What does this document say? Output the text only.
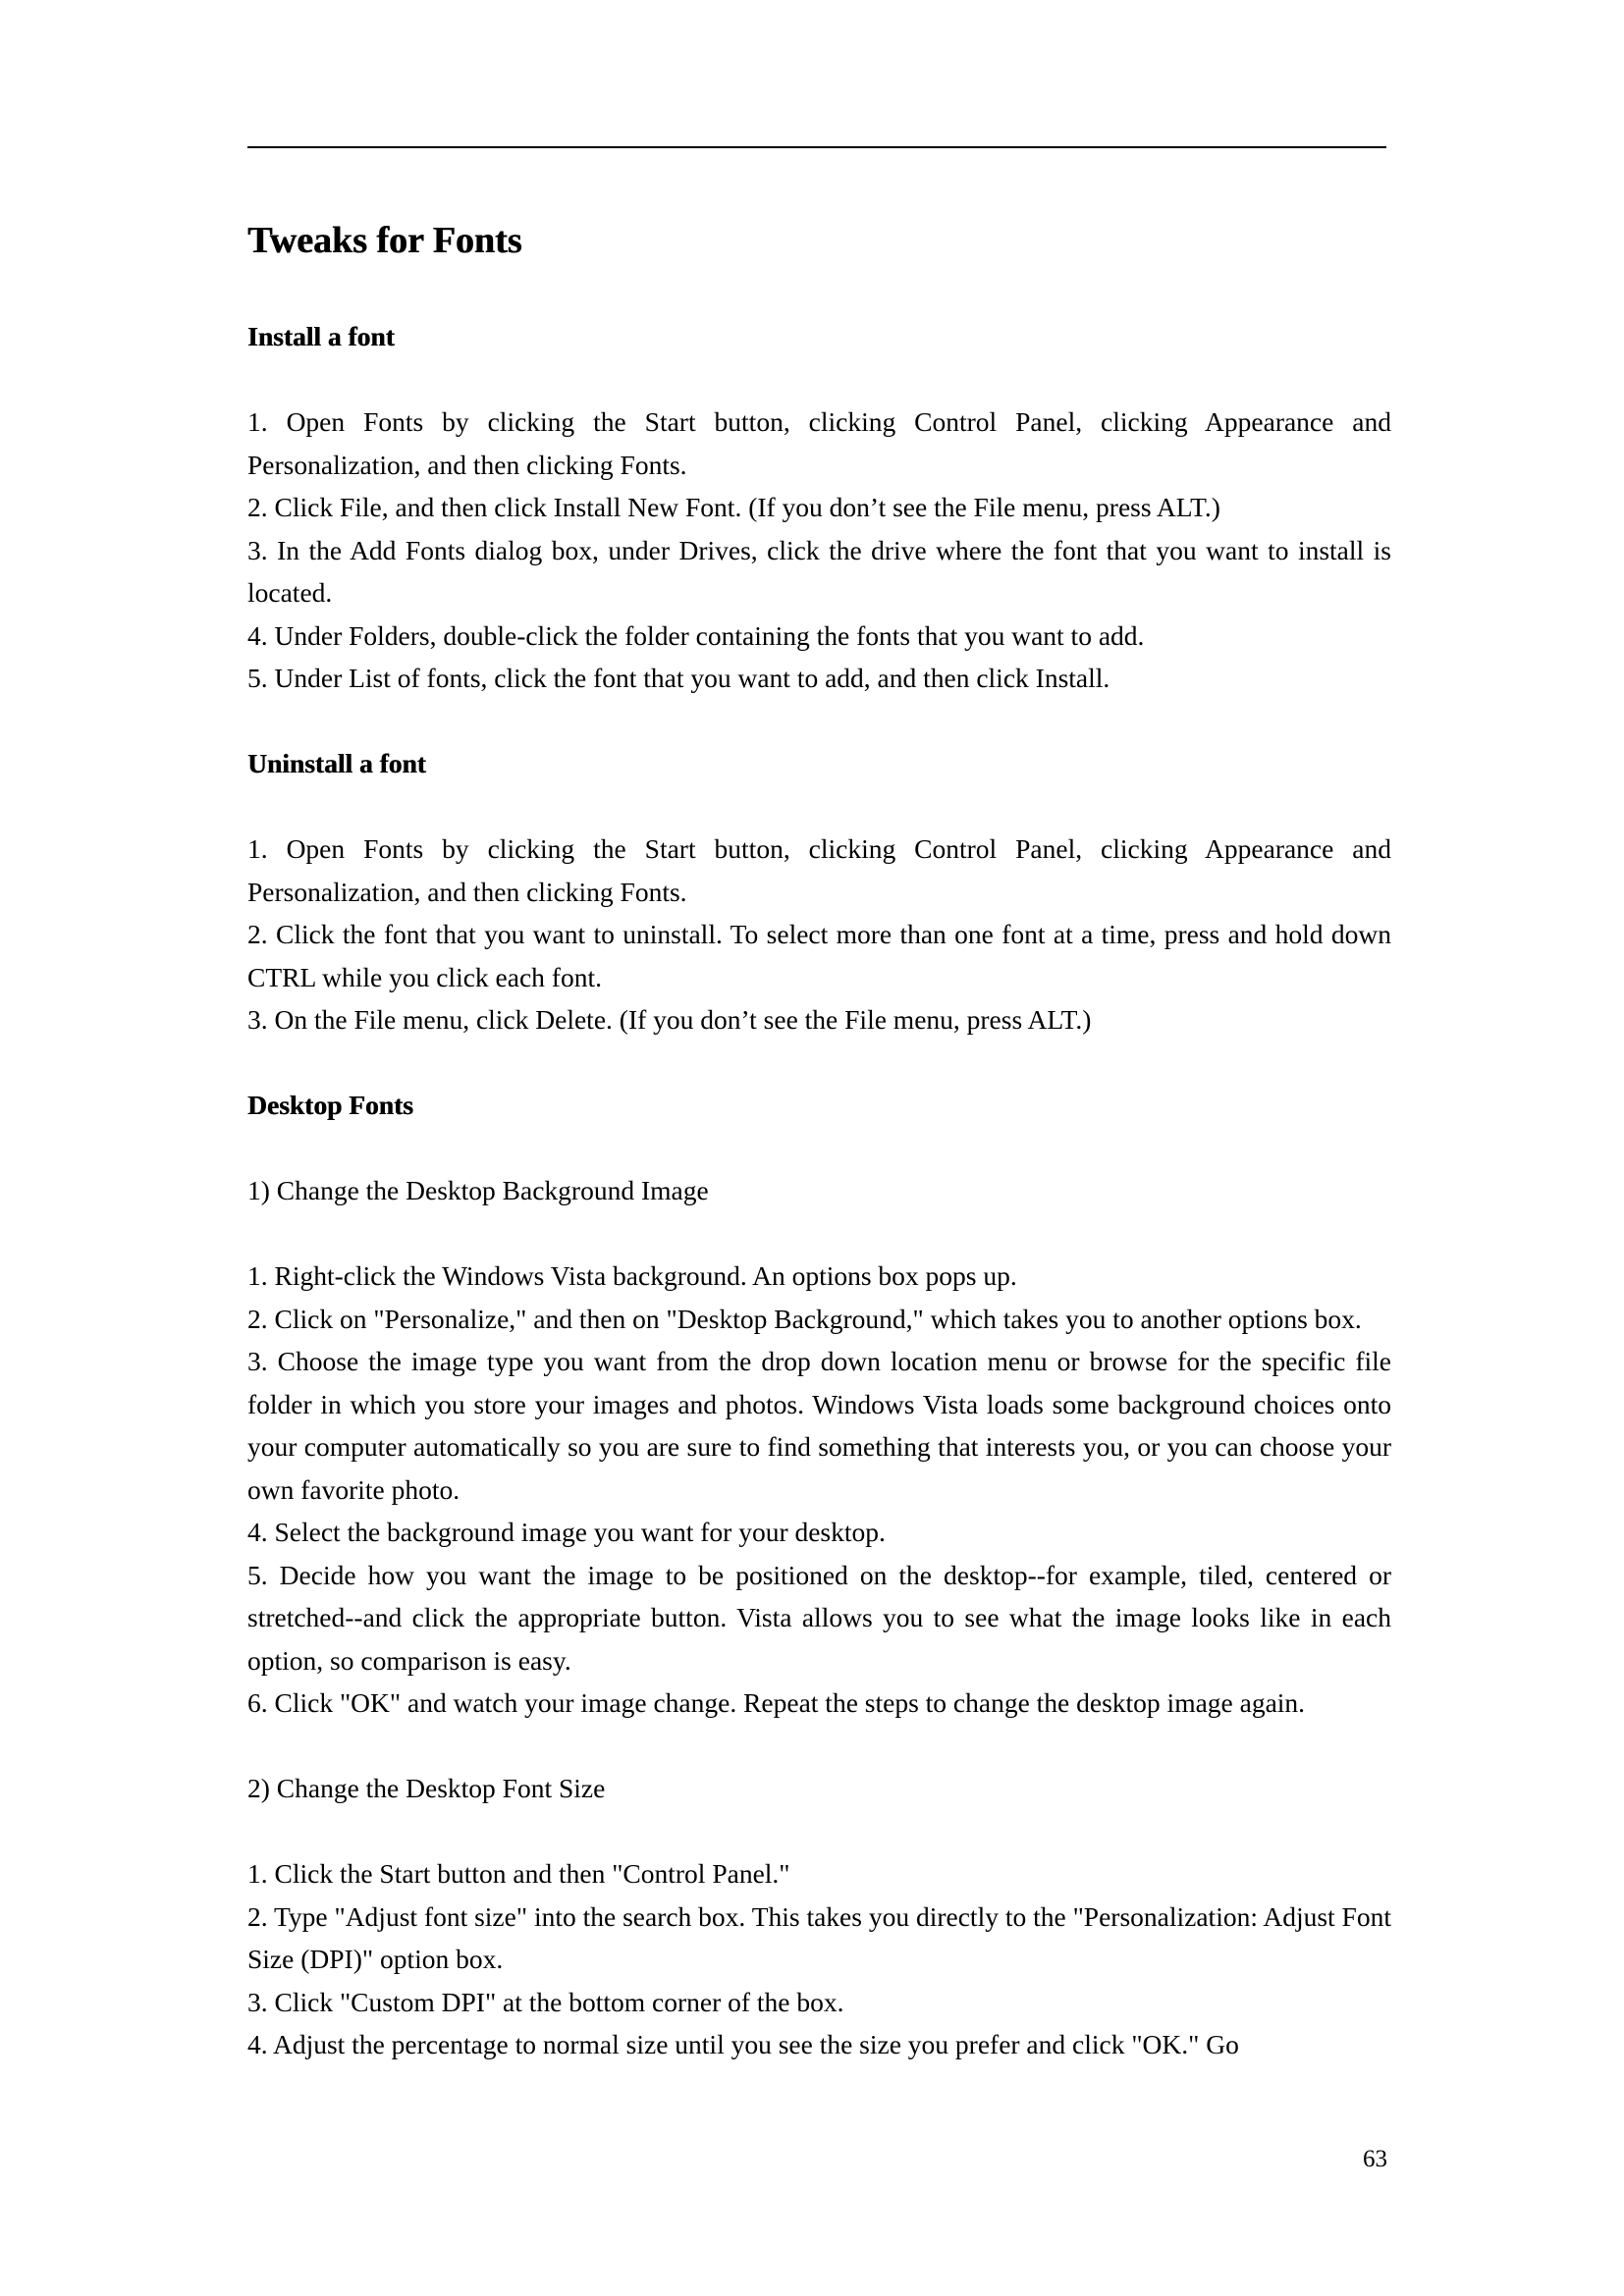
Tweaks for Fonts
Install a font

1. Open Fonts by clicking the Start button, clicking Control Panel, clicking Appearance and Personalization, and then clicking Fonts.

2. Click File, and then click Install New Font. (If you don’t see the File menu, press ALT.)

3. In the Add Fonts dialog box, under Drives, click the drive where the font that you want to install is located.

4. Under Folders, double-click the folder containing the fonts that you want to add.

5. Under List of fonts, click the font that you want to add, and then click Install.

Uninstall a font

1. Open Fonts by clicking the Start button, clicking Control Panel, clicking Appearance and Personalization, and then clicking Fonts.

2. Click the font that you want to uninstall. To select more than one font at a time, press and hold down CTRL while you click each font.

3. On the File menu, click Delete. (If you don’t see the File menu, press ALT.)

Desktop Fonts

1) Change the Desktop Background Image

1. Right-click the Windows Vista background. An options box pops up.

2. Click on "Personalize," and then on "Desktop Background," which takes you to another options box.

3. Choose the image type you want from the drop down location menu or browse for the specific file folder in which you store your images and photos. Windows Vista loads some background choices onto your computer automatically so you are sure to find something that interests you, or you can choose your own favorite photo.

4. Select the background image you want for your desktop.

5. Decide how you want the image to be positioned on the desktop--for example, tiled, centered or stretched--and click the appropriate button. Vista allows you to see what the image looks like in each option, so comparison is easy.

6. Click "OK" and watch your image change. Repeat the steps to change the desktop image again.

2) Change the Desktop Font Size

1. Click the Start button and then "Control Panel."

2. Type "Adjust font size" into the search box. This takes you directly to the "Personalization: Adjust Font Size (DPI)" option box.

3. Click "Custom DPI" at the bottom corner of the box.

4. Adjust the percentage to normal size until you see the size you prefer and click "OK." Go

63
